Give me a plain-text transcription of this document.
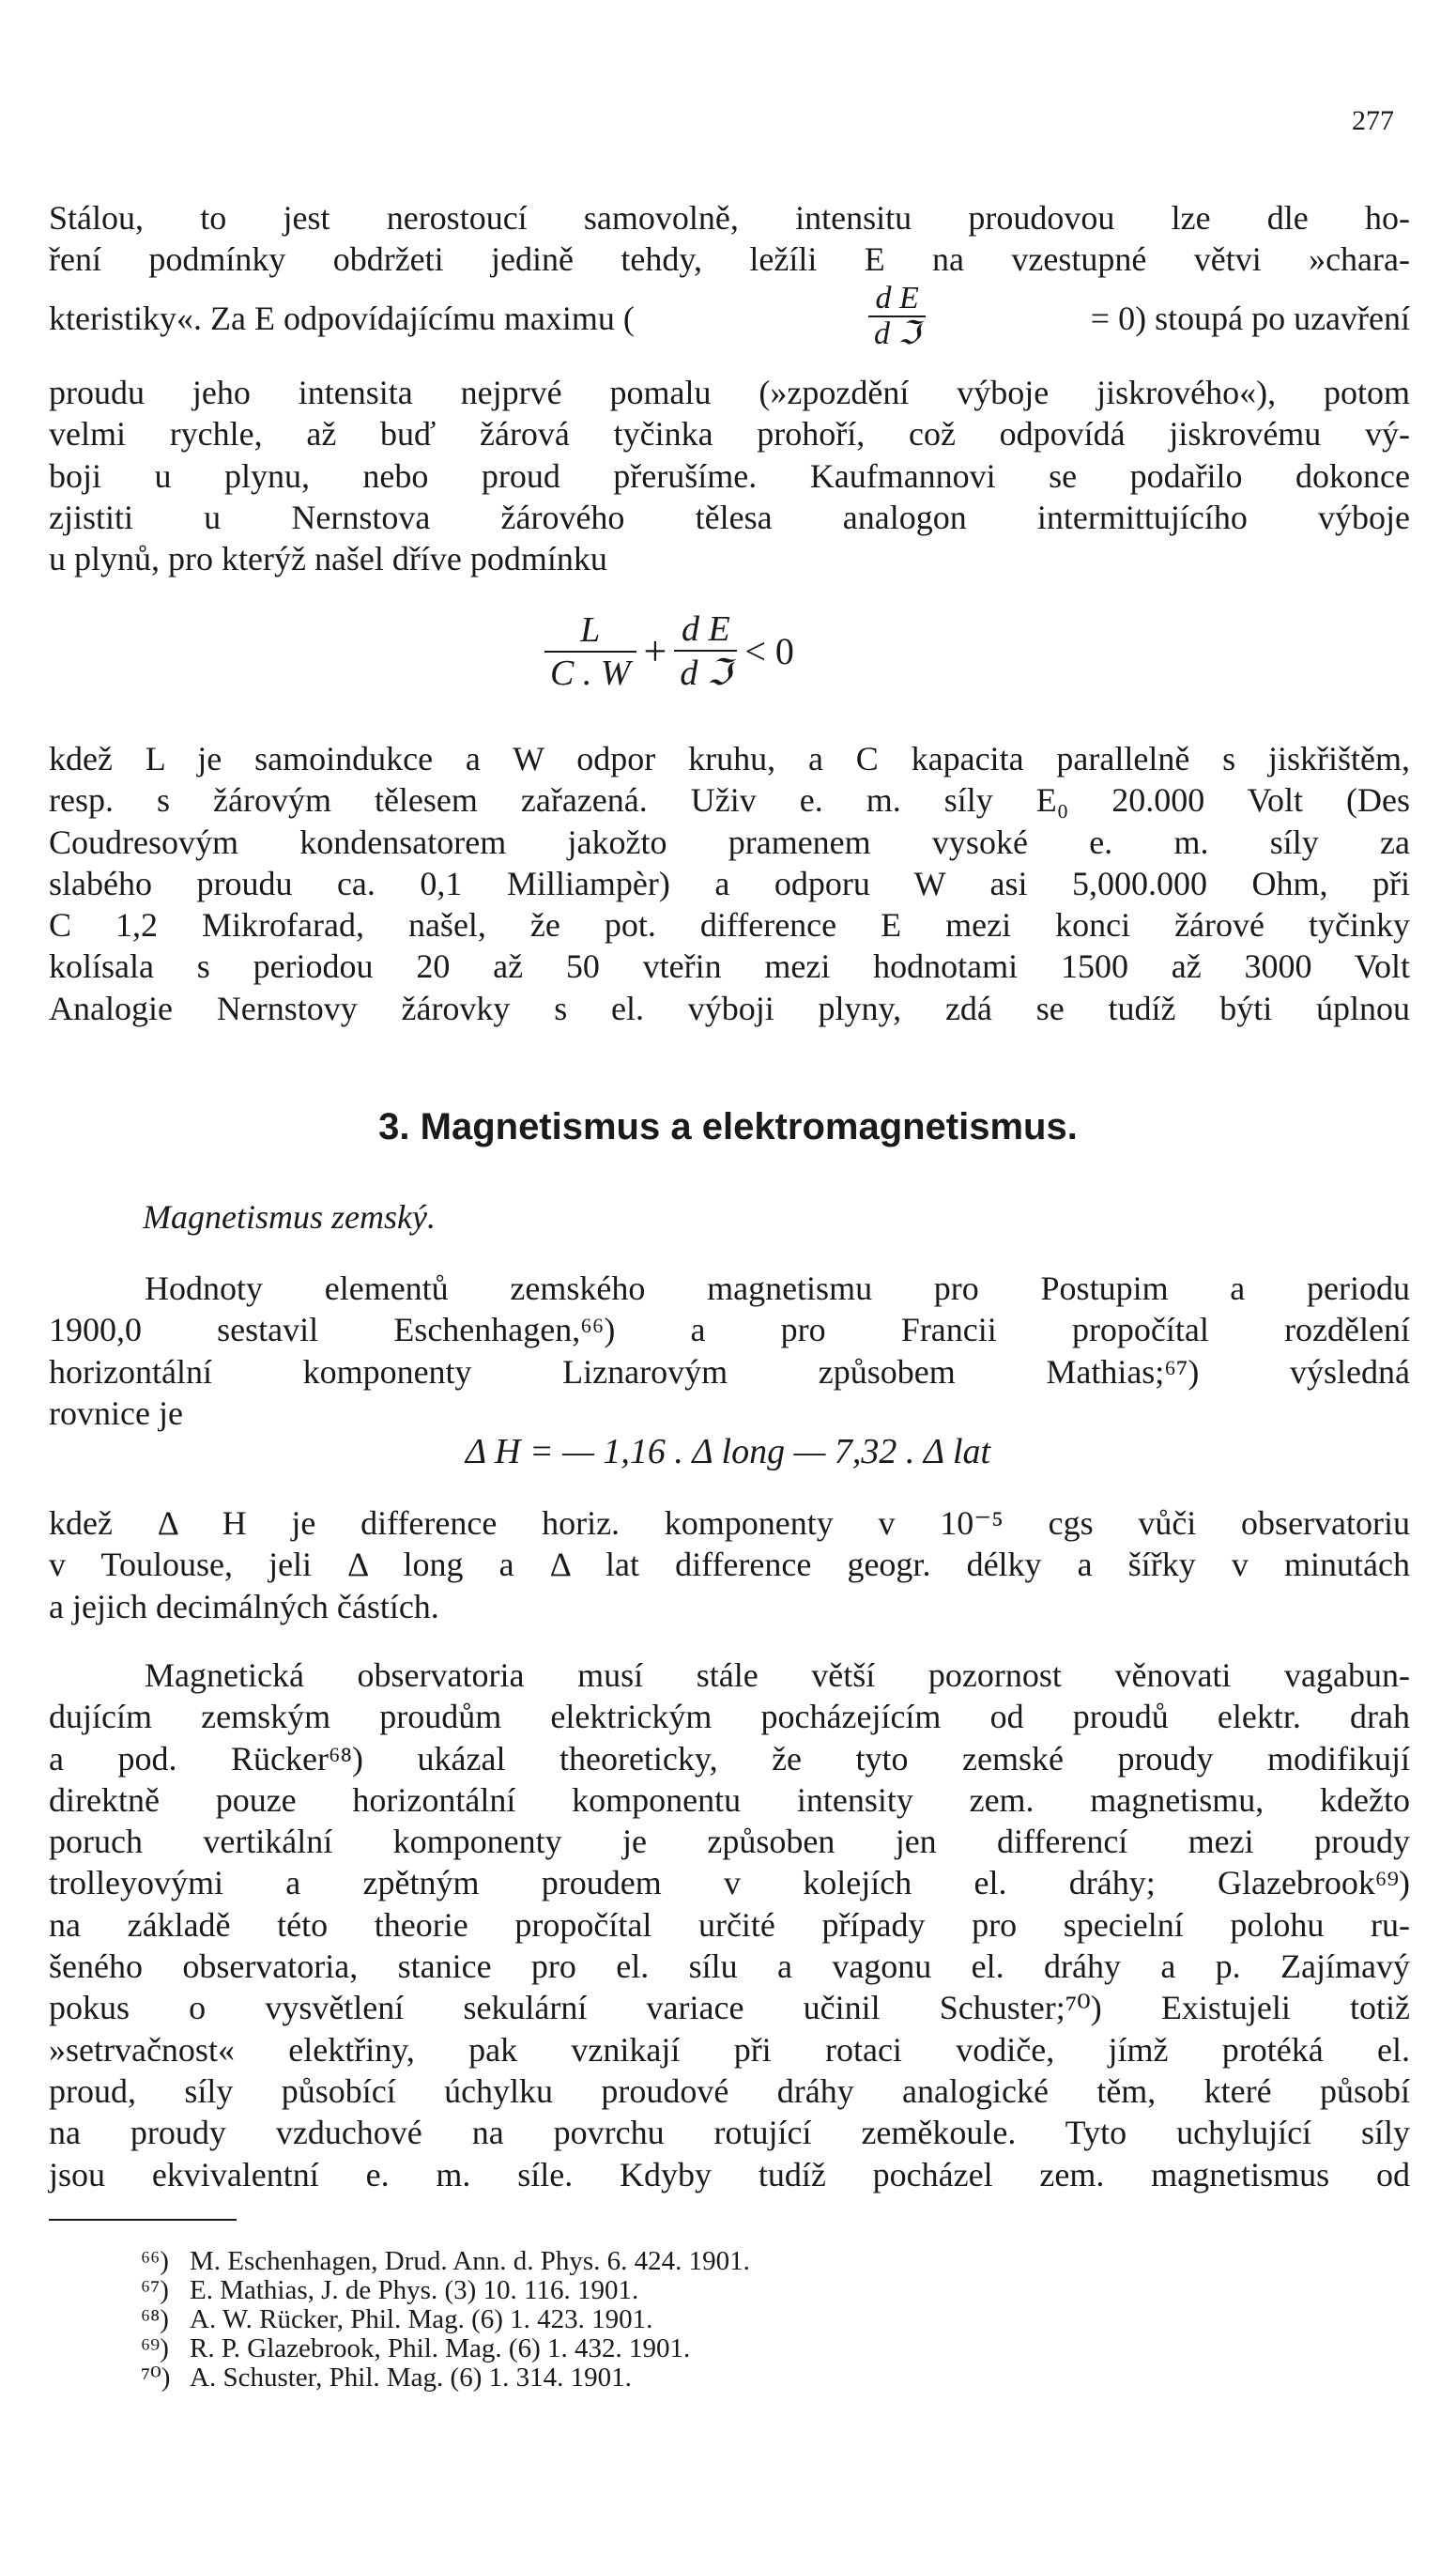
277
Stálou, to jest nerostoucí samovolně, intensitu proudovou lze dle ho-
ření podmínky obdržeti jedině tehdy, ležíli E na vzestupné větvi »chara-
kteristiky«. Za E odpovídajícímu maximu (
d E
d ℑ	= 0) stoupá po uzavření
proudu jeho intensita nejprvé pomalu (»zpozdění výboje jiskrového«), potom
velmi rychle, až buď žárová tyčinka prohoří, což odpovídá jiskrovému vý-
boji u plynu, nebo proud přerušíme. Kaufmannovi se podařilo dokonce
zjistiti u Nernstova žárového tělesa analogon intermittujícího výboje
u plynů, pro kterýž našel dříve podmínku
$\frac{L}{C . W} + \frac{\text{d E}}{\text{d ℑ}} < 0$
kdež L je samoindukce a W odpor kruhu, a C kapacita parallelně s jiskřištěm,
resp. s žárovým tělesem zařazená. Uživ e. m. síly E₀ 20.000 Volt (Des
Coudresovým kondensatorem jakožto pramenem vysoké e. m. síly za
slabého proudu ca. 0,1 Milliampèr) a odporu W asi 5,000.000 Ohm, při
C 1,2 Mikrofarad, našel, že pot. difference E mezi konci žárové tyčinky
kolísala s periodou 20 až 50 vteřin mezi hodnotami 1500 až 3000 Volt
Analogie Nernstovy žárovky s el. výboji plyny, zdá se tudíž býti úplnou
3. Magnetismus a elektromagnetismus.
Magnetismus zemský.
Hodnoty elementů zemského magnetismu pro Postupim a periodu
1900,0 sestavil Eschenhagen,⁶⁶) a pro Francii propočítal rozdělení
horizontální komponenty Liznarovým způsobem Mathias;⁶⁷) výsledná
rovnice je
Δ H = — 1,16 . Δ long — 7,32 . Δ lat
kdež Δ H je difference horiz. komponenty v 10⁻⁵ cgs vůči observatoriu
v Toulouse, jeli Δ long a Δ lat difference geogr. délky a šířky v minutách
a jejich decimálných částích.
Magnetická observatoria musí stále větší pozornost věnovati vagabun-
dujícím zemským proudům elektrickým pocházejícím od proudů elektr. drah
a pod. Rücker⁶⁸) ukázal theoreticky, že tyto zemské proudy modifikují
direktně pouze horizontální komponentu intensity zem. magnetismu, kdežto
poruch vertikální komponenty je způsoben jen differencí mezi proudy
trolleyovými a zpětným proudem v kolejích el. dráhy; Glazebrook⁶⁹)
na základě této theorie propočítal určité případy pro specielní polohu ru-
šeného observatoria, stanice pro el. sílu a vagonu el. dráhy a p. Zajímavý
pokus o vysvětlení sekulární variace učinil Schuster;⁷⁰) Existujeli totiž
»setrvačnost« elektřiny, pak vznikají při rotaci vodiče, jímž protéká el.
proud, síly působící úchylku proudové dráhy analogické těm, které působí
na proudy vzduchové na povrchu rotující zeměkoule. Tyto uchylující síly
jsou ekvivalentní e. m. síle. Kdyby tudíž pocházel zem. magnetismus od
⁶⁶) M. Eschenhagen, Drud. Ann. d. Phys. 6. 424. 1901.
⁶⁷) E. Mathias, J. de Phys. (3) 10. 116. 1901.
⁶⁸) A. W. Rücker, Phil. Mag. (6) 1. 423. 1901.
⁶⁹) R. P. Glazebrook, Phil. Mag. (6) 1. 432. 1901.
⁷⁰) A. Schuster, Phil. Mag. (6) 1. 314. 1901.
